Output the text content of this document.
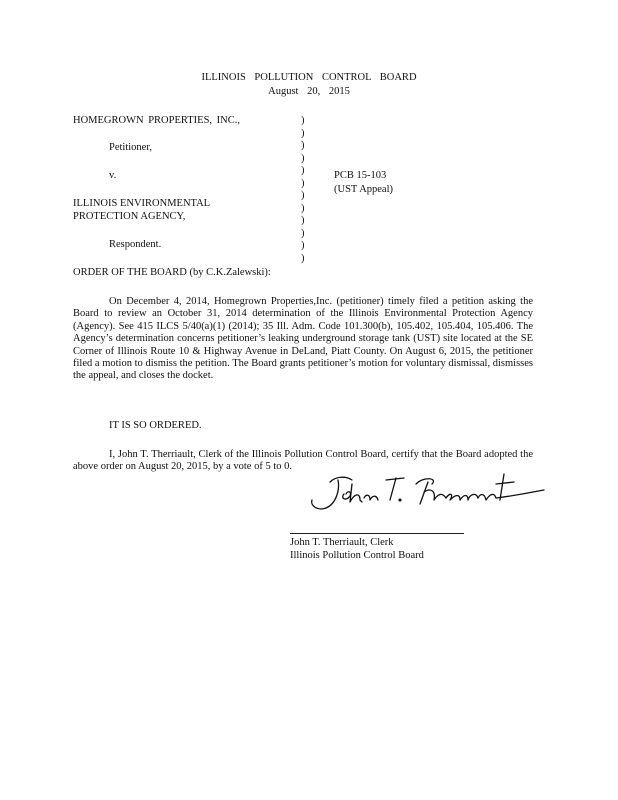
ILLINOIS POLLUTION CONTROL BOARD
August 20, 2015
HOMEGROWN PROPERTIES, INC.,
Petitioner,
v.
ILLINOIS ENVIRONMENTAL
PROTECTION AGENCY,
Respondent.
)
)
)
)
)
)
)
)
)
)
)
)
PCB 15-103
(UST Appeal)
ORDER OF THE BOARD (by C.K.Zalewski):
On December 4, 2014, Homegrown Properties,Inc. (petitioner) timely filed a petition asking the Board to review an October 31, 2014 determination of the Illinois Environmental Protection Agency (Agency). See 415 ILCS 5/40(a)(1) (2014); 35 Ill. Adm. Code 101.300(b), 105.402, 105.404, 105.406. The Agency’s determination concerns petitioner’s leaking underground storage tank (UST) site located at the SE Corner of Illinois Route 10 & Highway Avenue in DeLand, Piatt County. On August 6, 2015, the petitioner filed a motion to dismiss the petition. The Board grants petitioner’s motion for voluntary dismissal, dismisses the appeal, and closes the docket.
IT IS SO ORDERED.
I, John T. Therriault, Clerk of the Illinois Pollution Control Board, certify that the Board adopted the above order on August 20, 2015, by a vote of 5 to 0.
John T. Therriault, Clerk
Illinois Pollution Control Board
